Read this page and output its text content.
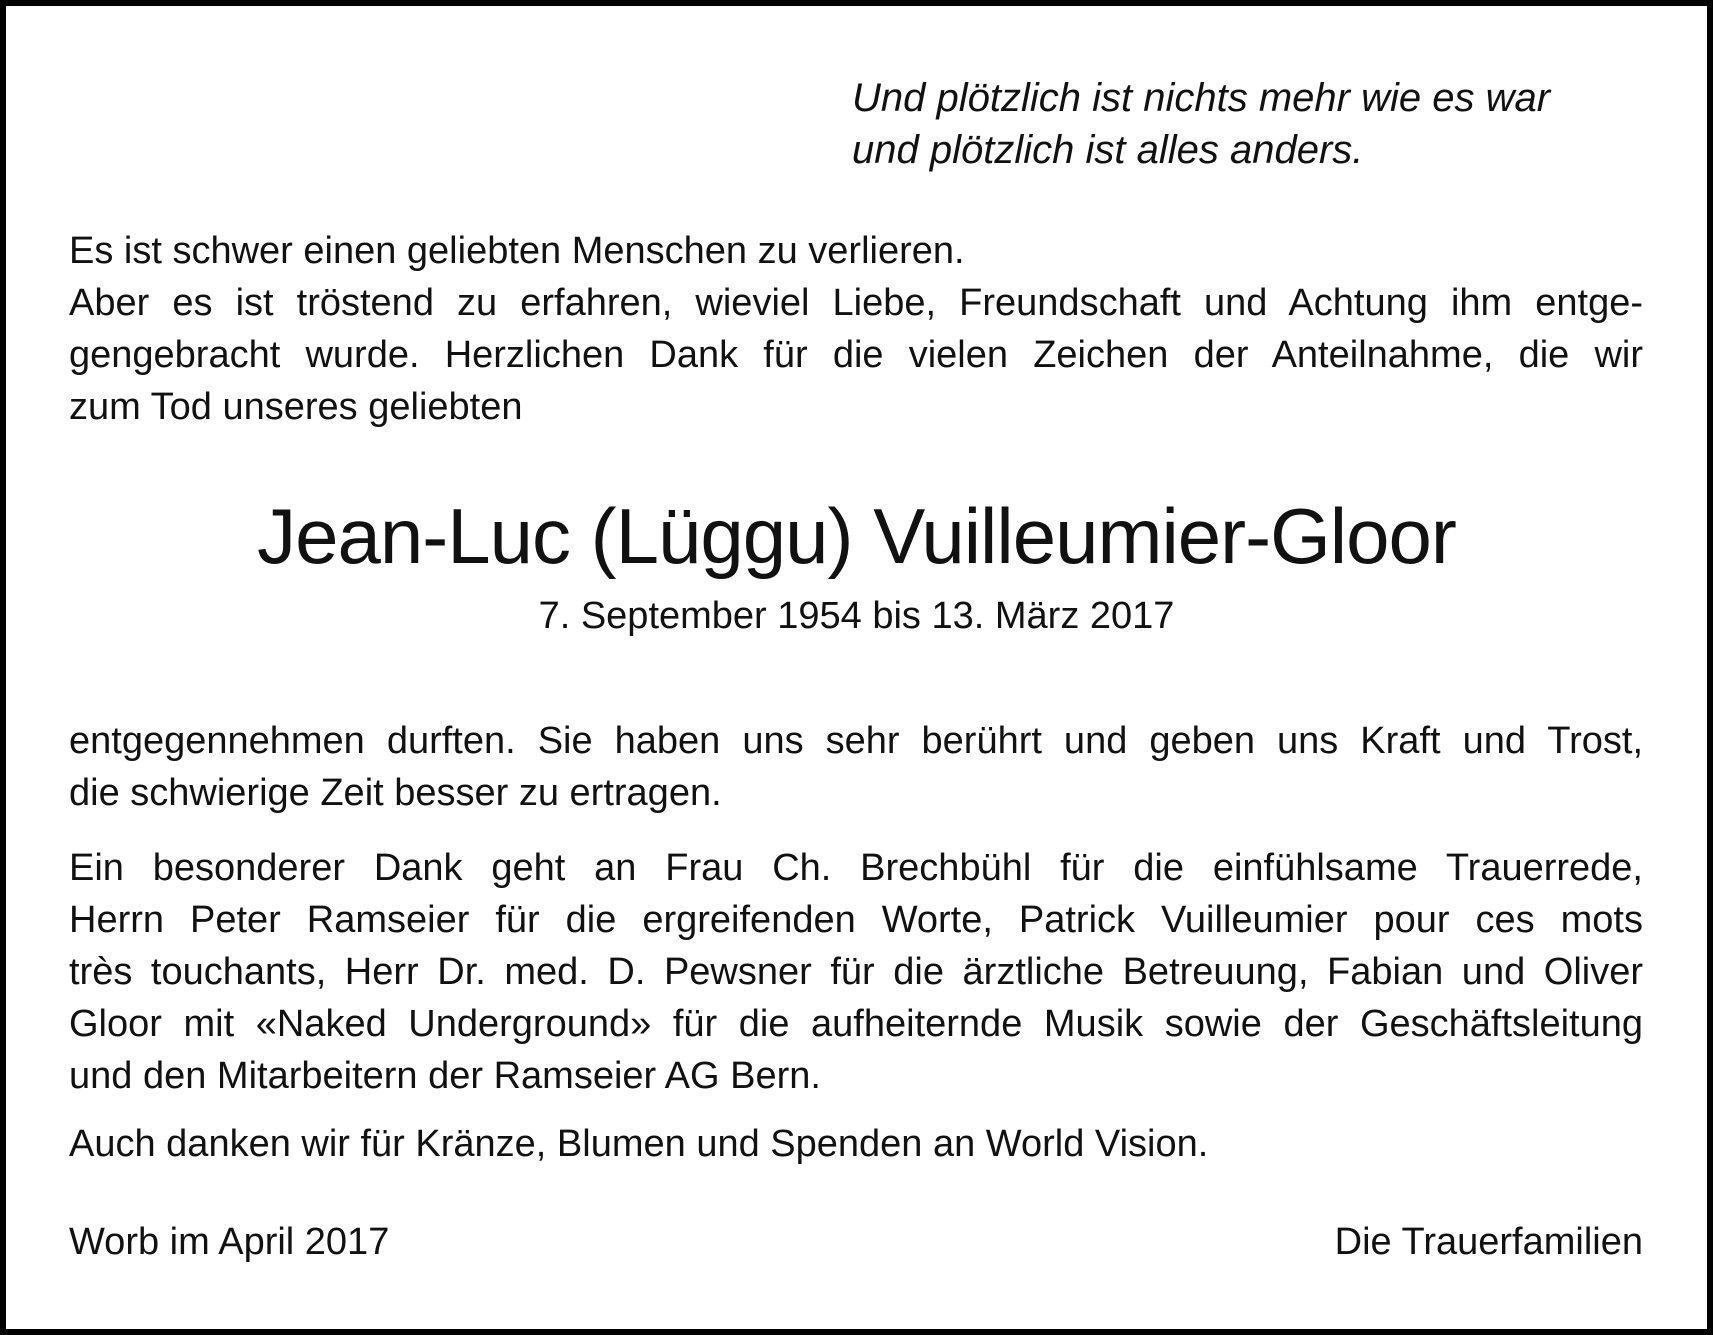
Und plötzlich ist nichts mehr wie es war
und plötzlich ist alles anders.
Es ist schwer einen geliebten Menschen zu verlieren.
Aber es ist tröstend zu erfahren, wieviel Liebe, Freundschaft und Achtung ihm entge-
gengebracht wurde. Herzlichen Dank für die vielen Zeichen der Anteilnahme, die wir
zum Tod unseres geliebten
Jean-Luc (Lüggu) Vuilleumier-Gloor
7. September 1954 bis 13. März 2017
entgegennehmen durften. Sie haben uns sehr berührt und geben uns Kraft und Trost,
die schwierige Zeit besser zu ertragen.
Ein besonderer Dank geht an Frau Ch. Brechbühl für die einfühlsame Trauerrede,
Herrn Peter Ramseier für die ergreifenden Worte, Patrick Vuilleumier pour ces mots
très touchants, Herr Dr. med. D. Pewsner für die ärztliche Betreuung, Fabian und Oliver
Gloor mit «Naked Underground» für die aufheiternde Musik sowie der Geschäftsleitung
und den Mitarbeitern der Ramseier AG Bern.
Auch danken wir für Kränze, Blumen und Spenden an World Vision.
Worb im April 2017	Die Trauerfamilien
